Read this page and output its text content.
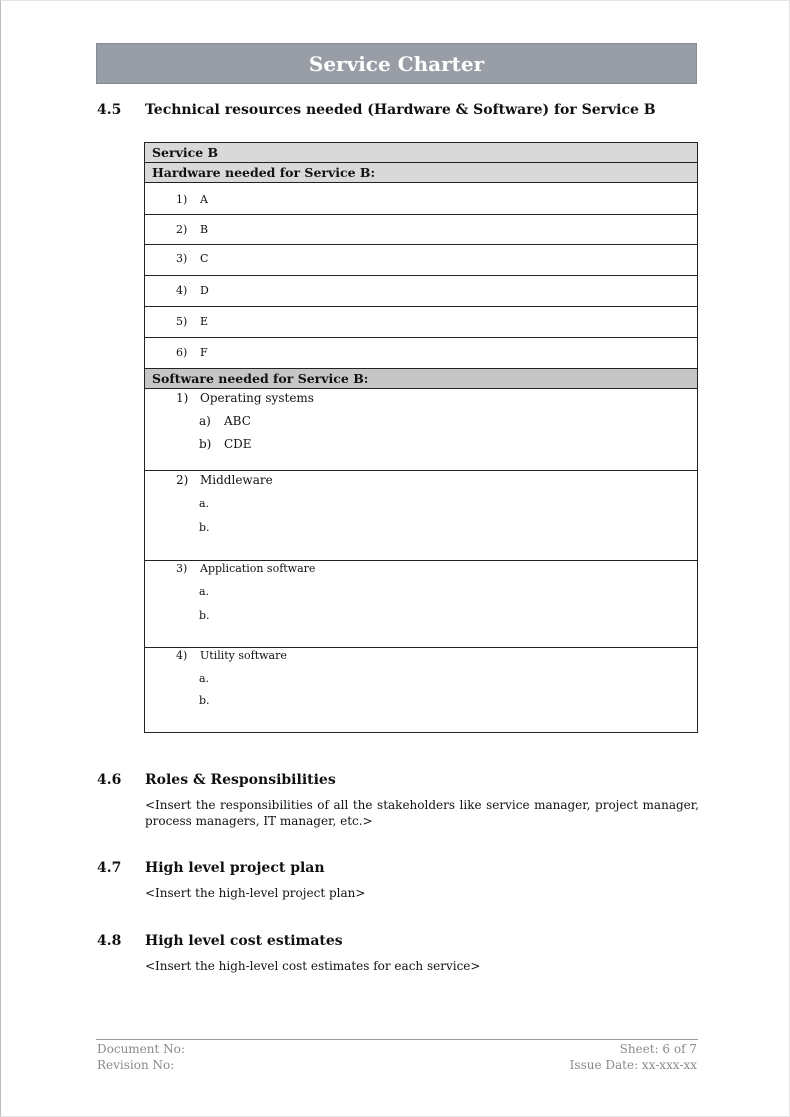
Service Charter
4.5 Technical resources needed (Hardware & Software) for Service B
Service B
Hardware needed for Service B:
1) A
2) B
3) C
4) D
5) E
6) F
Software needed for Service B:
1) Operating systems
a) ABC
b) CDE
2) Middleware
a.
b.
3) Application software
a.
b.
4) Utility software
a.
b.
4.6 Roles & Responsibilities
<Insert the responsibilities of all the stakeholders like service manager, project manager, process managers, IT manager, etc.>
4.7 High level project plan
<Insert the high-level project plan>
4.8 High level cost estimates
<Insert the high-level cost estimates for each service>
Document No:
Revision No:
Sheet: 6 of 7
Issue Date: xx-xxx-xx
